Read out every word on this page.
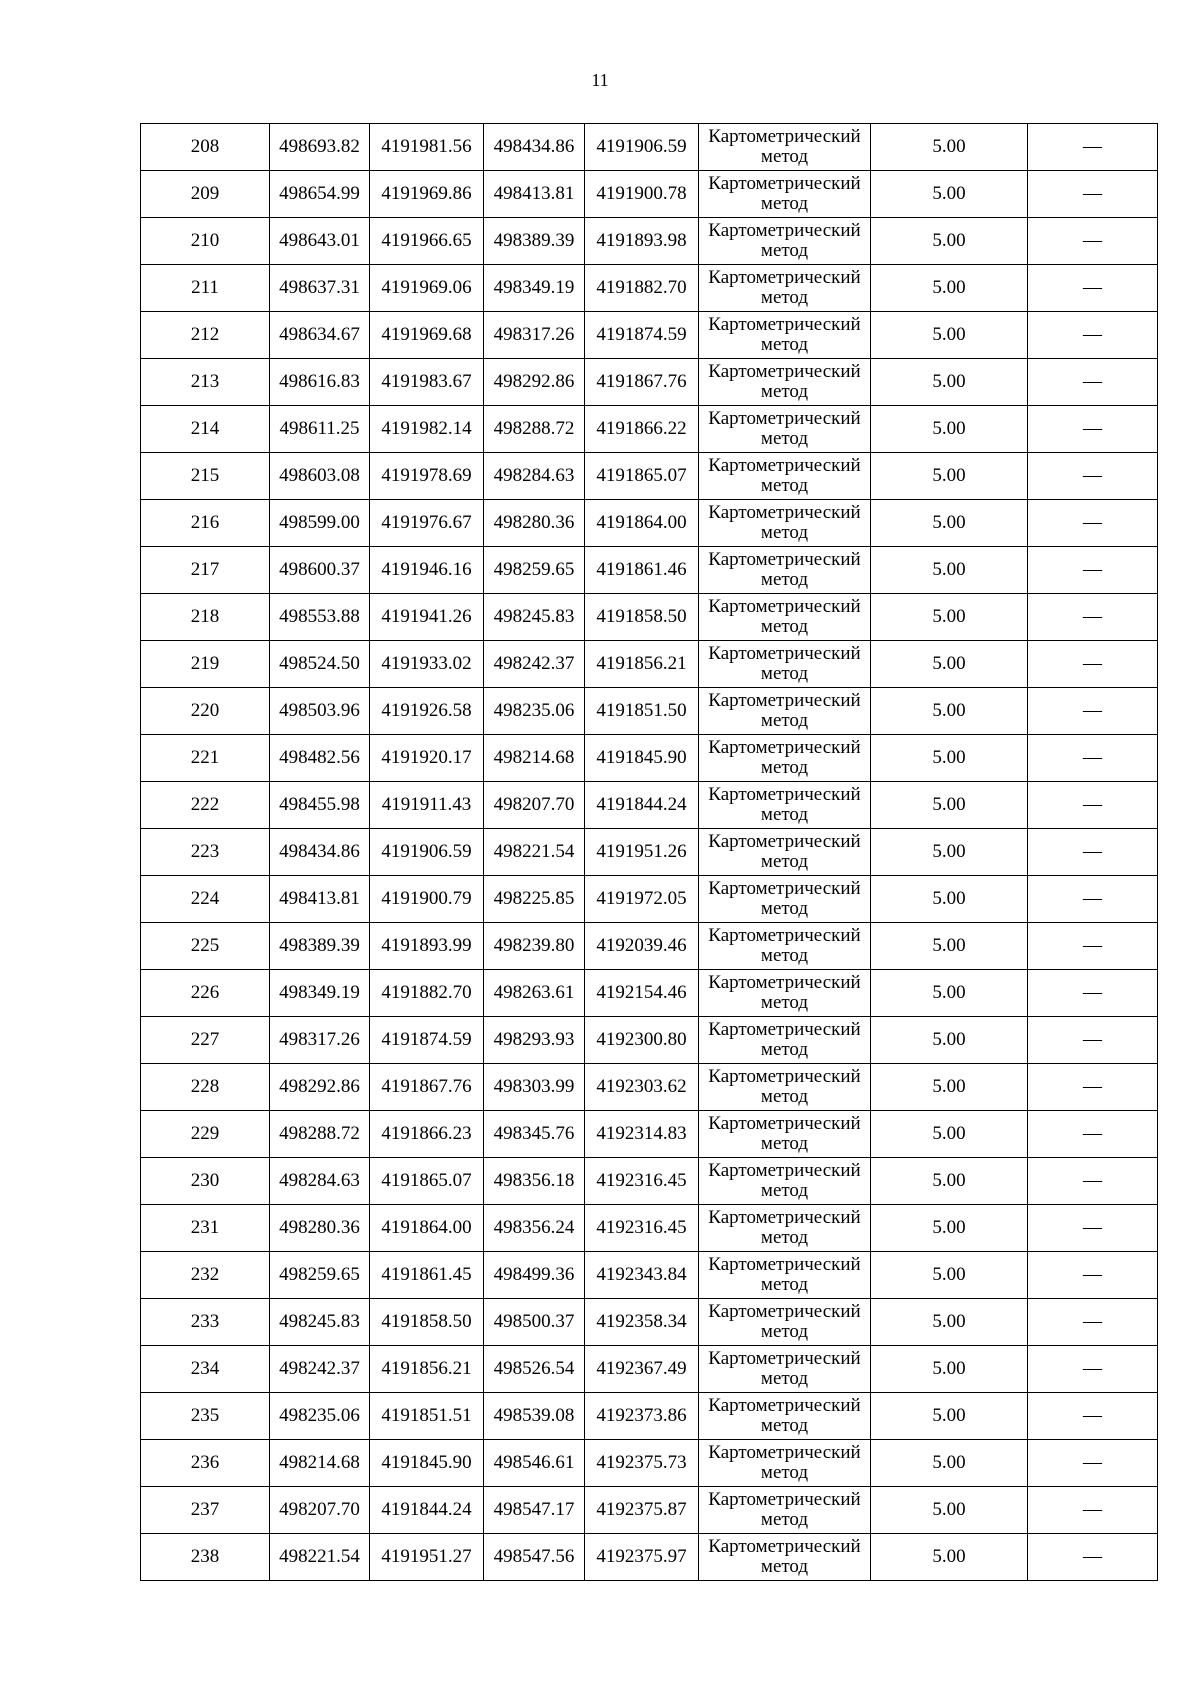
11
208	498693.82	4191981.56	498434.86	4191906.59	Картометрический
метод	5.00	—
209	498654.99	4191969.86	498413.81	4191900.78	Картометрический
метод	5.00	—
210	498643.01	4191966.65	498389.39	4191893.98	Картометрический
метод	5.00	—
211	498637.31	4191969.06	498349.19	4191882.70	Картометрический
метод	5.00	—
212	498634.67	4191969.68	498317.26	4191874.59	Картометрический
метод	5.00	—
213	498616.83	4191983.67	498292.86	4191867.76	Картометрический
метод	5.00	—
214	498611.25	4191982.14	498288.72	4191866.22	Картометрический
метод	5.00	—
215	498603.08	4191978.69	498284.63	4191865.07	Картометрический
метод	5.00	—
216	498599.00	4191976.67	498280.36	4191864.00	Картометрический
метод	5.00	—
217	498600.37	4191946.16	498259.65	4191861.46	Картометрический
метод	5.00	—
218	498553.88	4191941.26	498245.83	4191858.50	Картометрический
метод	5.00	—
219	498524.50	4191933.02	498242.37	4191856.21	Картометрический
метод	5.00	—
220	498503.96	4191926.58	498235.06	4191851.50	Картометрический
метод	5.00	—
221	498482.56	4191920.17	498214.68	4191845.90	Картометрический
метод	5.00	—
222	498455.98	4191911.43	498207.70	4191844.24	Картометрический
метод	5.00	—
223	498434.86	4191906.59	498221.54	4191951.26	Картометрический
метод	5.00	—
224	498413.81	4191900.79	498225.85	4191972.05	Картометрический
метод	5.00	—
225	498389.39	4191893.99	498239.80	4192039.46	Картометрический
метод	5.00	—
226	498349.19	4191882.70	498263.61	4192154.46	Картометрический
метод	5.00	—
227	498317.26	4191874.59	498293.93	4192300.80	Картометрический
метод	5.00	—
228	498292.86	4191867.76	498303.99	4192303.62	Картометрический
метод	5.00	—
229	498288.72	4191866.23	498345.76	4192314.83	Картометрический
метод	5.00	—
230	498284.63	4191865.07	498356.18	4192316.45	Картометрический
метод	5.00	—
231	498280.36	4191864.00	498356.24	4192316.45	Картометрический
метод	5.00	—
232	498259.65	4191861.45	498499.36	4192343.84	Картометрический
метод	5.00	—
233	498245.83	4191858.50	498500.37	4192358.34	Картометрический
метод	5.00	—
234	498242.37	4191856.21	498526.54	4192367.49	Картометрический
метод	5.00	—
235	498235.06	4191851.51	498539.08	4192373.86	Картометрический
метод	5.00	—
236	498214.68	4191845.90	498546.61	4192375.73	Картометрический
метод	5.00	—
237	498207.70	4191844.24	498547.17	4192375.87	Картометрический
метод	5.00	—
238	498221.54	4191951.27	498547.56	4192375.97	Картометрический
метод	5.00	—
